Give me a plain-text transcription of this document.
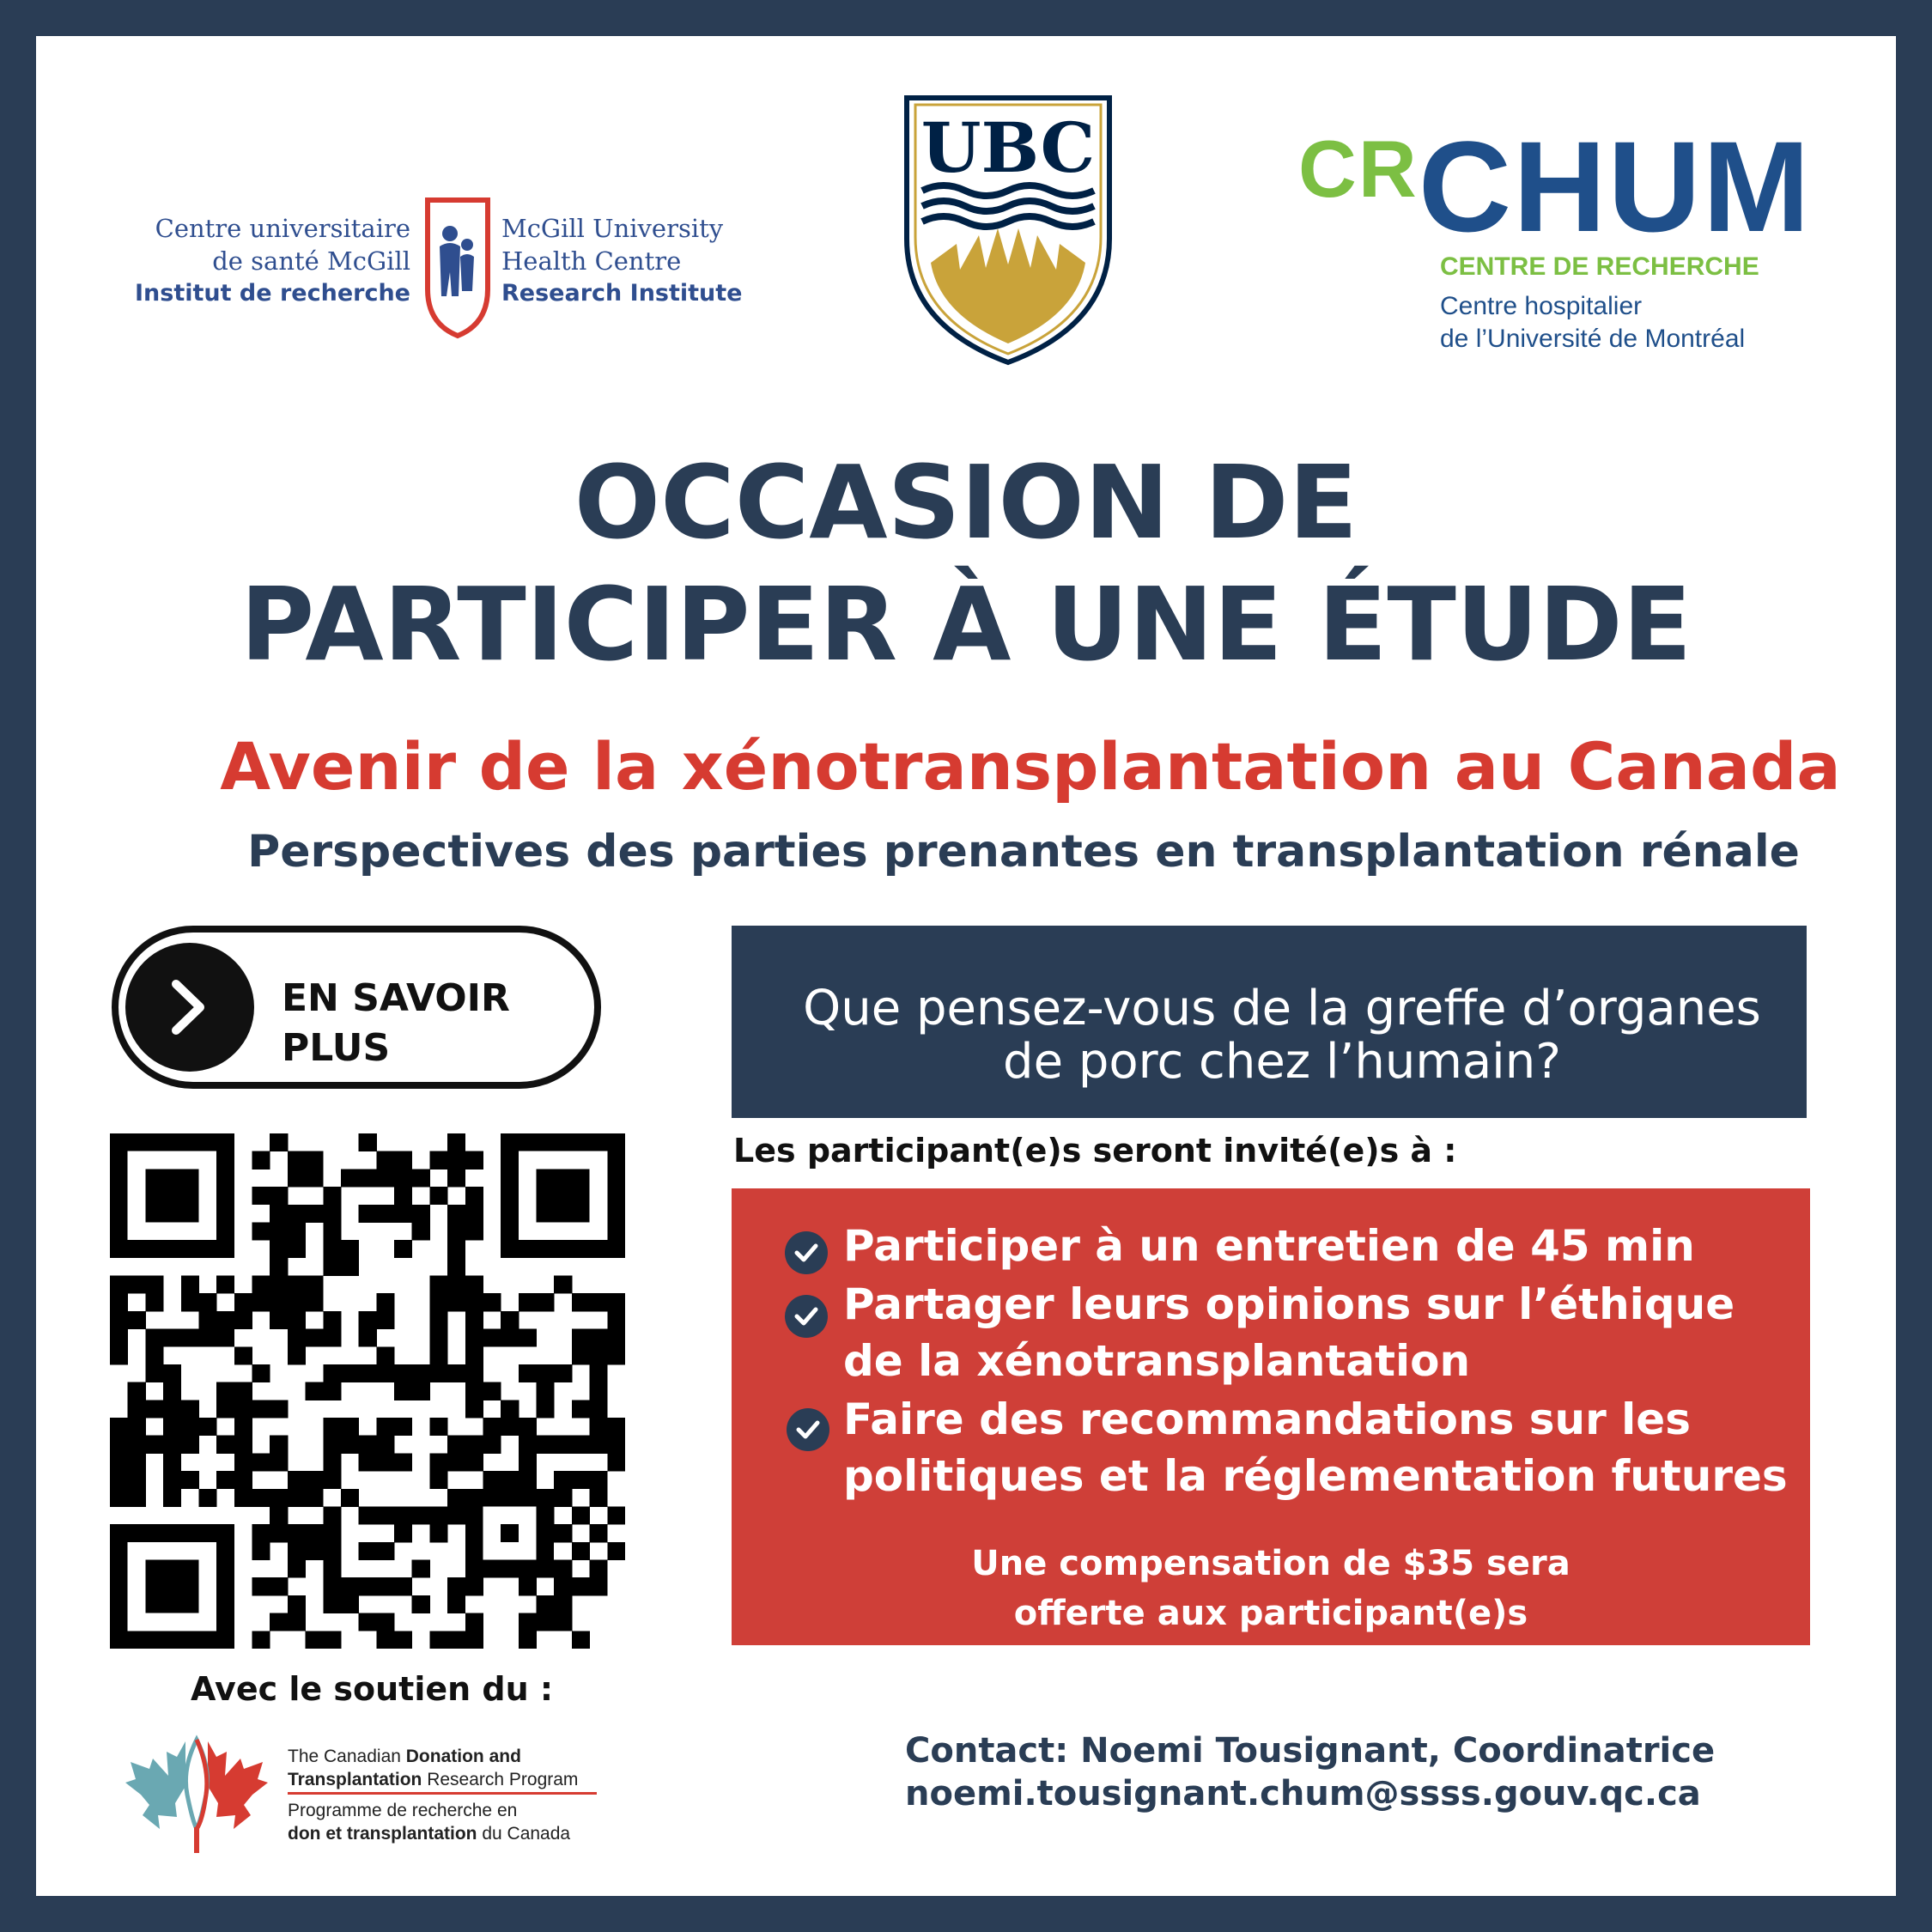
Centre universitaire
de santé McGill
Institut de recherche
McGill University
Health Centre
Research Institute
UBC	CRCHUM
CENTRE DE RECHERCHE
Centre hospitalier
de l’Université de Montréal
OCCASION DE
PARTICIPER À UNE ÉTUDE
Avenir de la xénotransplantation au Canada
Perspectives des parties prenantes en transplantation rénale
EN SAVOIR
PLUS
Avec le soutien du :
The Canadian Donation and
Transplantation Research Program
Programme de recherche en
don et transplantation du Canada
Que pensez-vous de la greffe d’organes
de porc chez l’humain?
Les participant(e)s seront invité(e)s à :
Participer à un entretien de 45 min
Partager leurs opinions sur l’éthique
de la xénotransplantation
Faire des recommandations sur les
politiques et la réglementation futures
Une compensation de $35 sera
offerte aux participant(e)s
Contact: Noemi Tousignant, Coordinatrice
noemi.tousignant.chum@ssss.gouv.qc.ca
